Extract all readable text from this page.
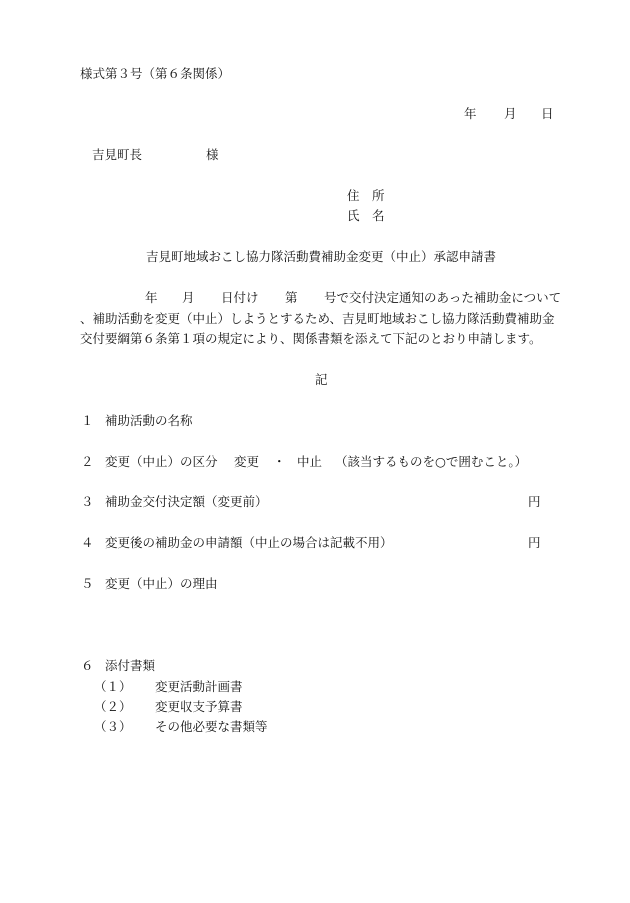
様式第３号（第６条関係）
年 月 日
吉見町長	様
住　所
氏　名
吉見町地域おこし協力隊活動費補助金変更（中止）承認申請書
年 月 日付け 第 号で交付決定通知のあった補助金について
、補助活動を変更（中止）しようとするため、吉見町地域おこし協力隊活動費補助金
交付要綱第６条第１項の規定により、関係書類を添えて下記のとおり申請します。
記
１ 補助活動の名称
２ 変更（中止）の区分 変更 ・ 中止 （該当するものを○で囲むこと。）
３ 補助金交付決定額（変更前）	円
４ 変更後の補助金の申請額（中止の場合は記載不用）	円
５ 変更（中止）の理由
６ 添付書類
（１） 変更活動計画書
（２） 変更収支予算書
（３） その他必要な書類等
